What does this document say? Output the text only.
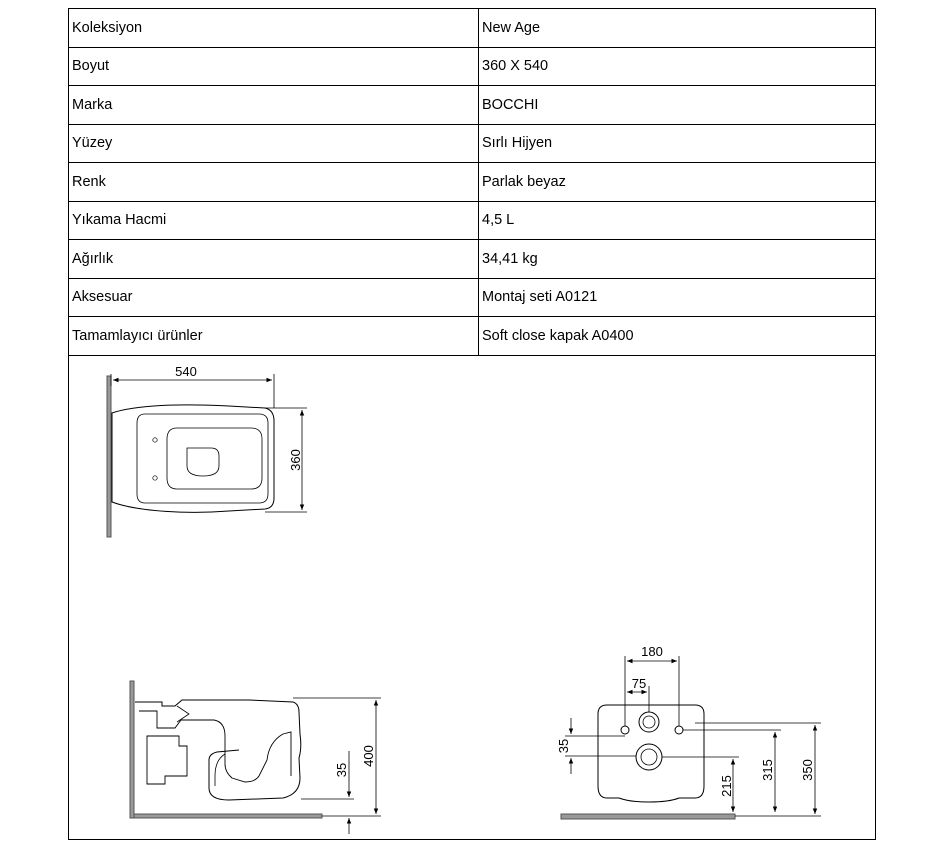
Koleksiyon	New Age
Boyut	360 X 540
Marka	BOCCHI
Yüzey	Sırlı Hijyen
Renk	Parlak beyaz
Yıkama Hacmi	4,5 L
Ağırlık	34,41 kg
Aksesuar	Montaj seti A0121
Tamamlayıcı ürünler	Soft close kapak A0400
540
360
400
35
180
75
35
215
315 350
